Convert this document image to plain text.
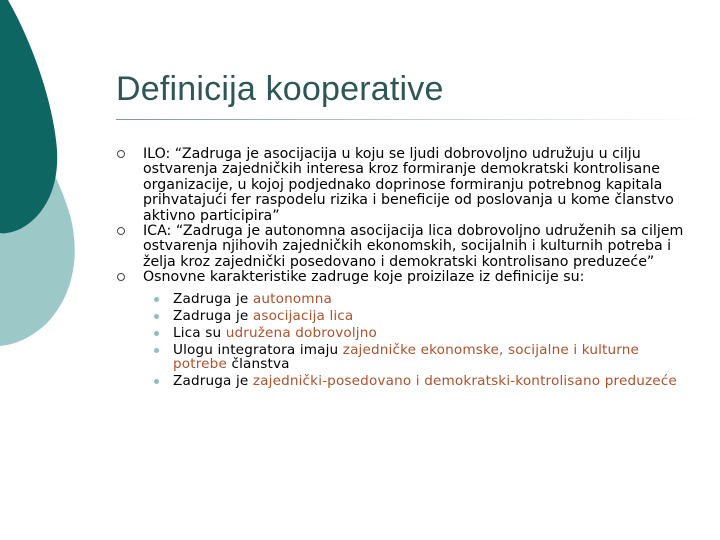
Definicija kooperative
ILO: “Zadruga je asocijacija u koju se ljudi dobrovoljno udružuju u cilju ostvarenja zajedničkih interesa kroz formiranje demokratski kontrolisane organizacije, u kojoj podjednako doprinose formiranju potrebnog kapitala prihvatajući fer raspodelu rizika i beneficije od poslovanja u kome članstvo aktivno participira”
ICA: “Zadruga je autonomna asocijacija lica dobrovoljno udruženih sa ciljem ostvarenja njihovih zajedničkih ekonomskih, socijalnih i kulturnih potreba i želja kroz zajednički posedovano i demokratski kontrolisano preduzeće”
Osnovne karakteristike zadruge koje proizilaze iz definicije su:
Zadruga je autonomna
Zadruga je asocijacija lica
Lica su udružena dobrovoljno
Ulogu integratora imaju zajedničke ekonomske, socijalne i kulturne potrebe članstva
Zadruga je zajednički-posedovano i demokratski-kontrolisano preduzeće
